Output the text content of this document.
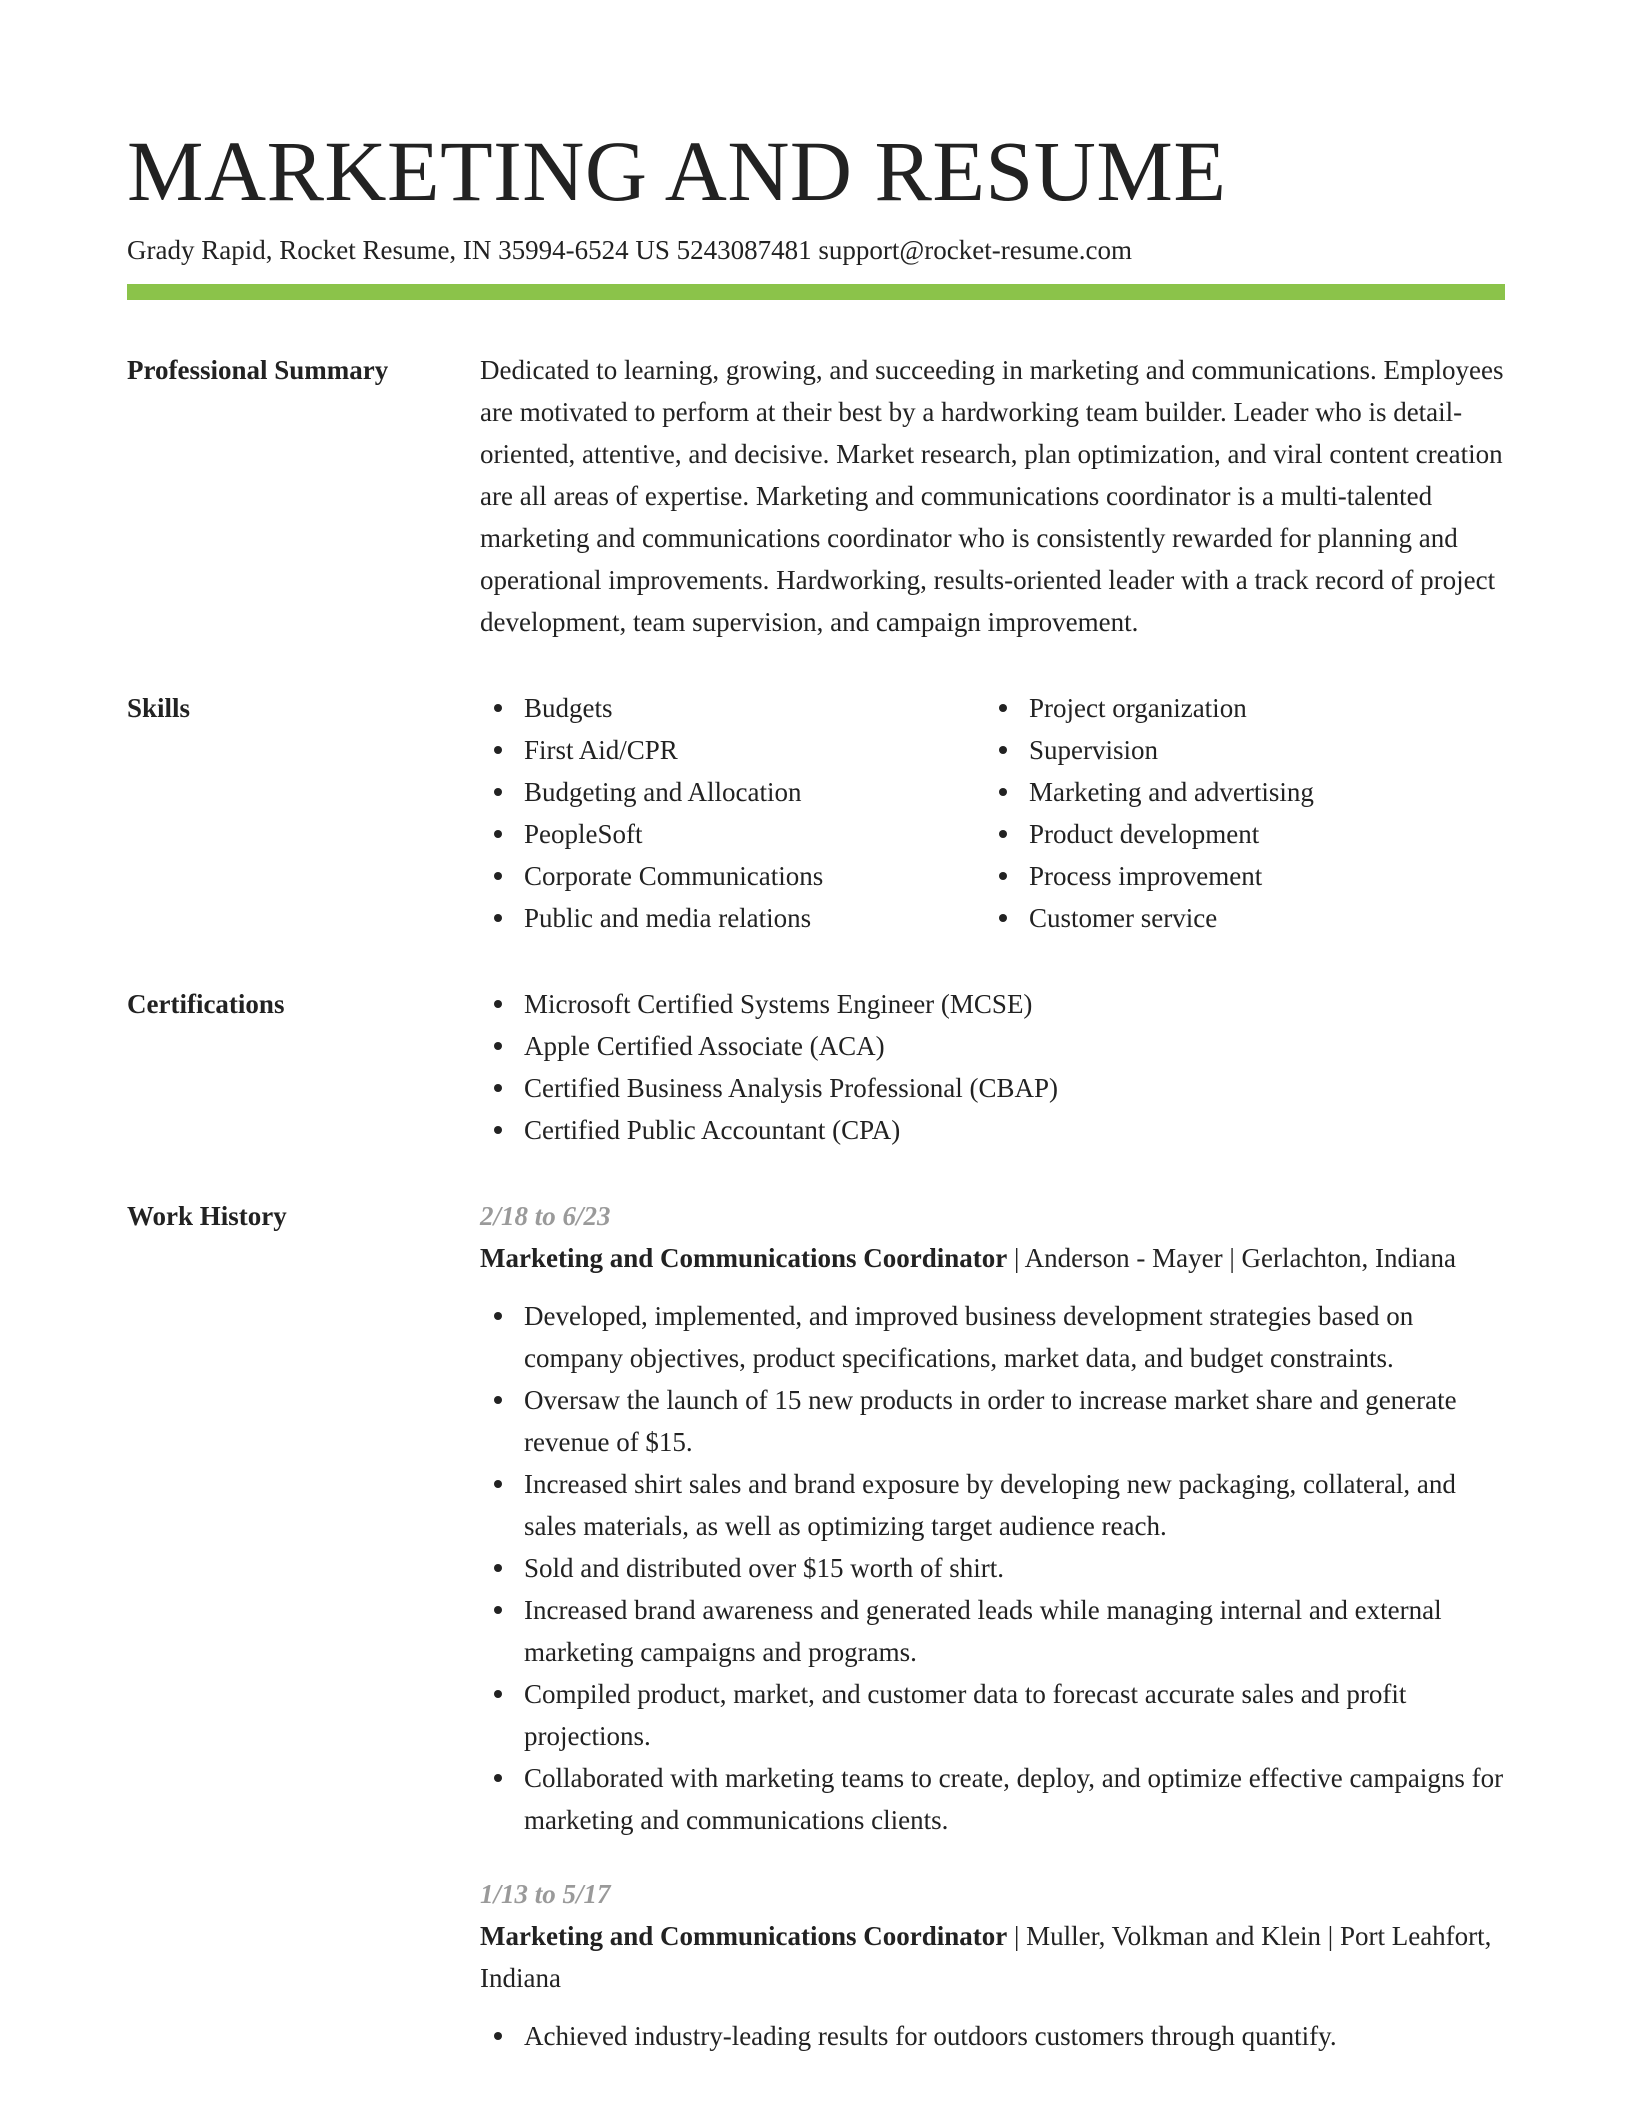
MARKETING AND RESUME
Grady Rapid, Rocket Resume, IN 35994-6524 US 5243087481 support@rocket-resume.com
Professional Summary	Dedicated to learning, growing, and succeeding in marketing and communications. Employees are motivated to perform at their best by a hardworking team builder. Leader who is detail-oriented, attentive, and decisive. Market research, plan optimization, and viral content creation are all areas of expertise. Marketing and communications coordinator is a multi-talented marketing and communications coordinator who is consistently rewarded for planning and operational improvements. Hardworking, results-oriented leader with a track record of project development, team supervision, and campaign improvement.
Skills	Budgets
First Aid/CPR
Budgeting and Allocation
PeopleSoft
Corporate Communications
Public and media relations
Project organization
Supervision
Marketing and advertising
Product development
Process improvement
Customer service
Certifications	Microsoft Certified Systems Engineer (MCSE)
Apple Certified Associate (ACA)
Certified Business Analysis Professional (CBAP)
Certified Public Accountant (CPA)
Work History	2/18 to 6/23
Marketing and Communications Coordinator | Anderson - Mayer | Gerlachton, Indiana
Developed, implemented, and improved business development strategies based on company objectives, product specifications, market data, and budget constraints.
Oversaw the launch of 15 new products in order to increase market share and generate revenue of $15.
Increased shirt sales and brand exposure by developing new packaging, collateral, and sales materials, as well as optimizing target audience reach.
Sold and distributed over $15 worth of shirt.
Increased brand awareness and generated leads while managing internal and external marketing campaigns and programs.
Compiled product, market, and customer data to forecast accurate sales and profit projections.
Collaborated with marketing teams to create, deploy, and optimize effective campaigns for marketing and communications clients.
1/13 to 5/17
Marketing and Communications Coordinator | Muller, Volkman and Klein | Port Leahfort, Indiana
Achieved industry-leading results for outdoors customers through quantify.
